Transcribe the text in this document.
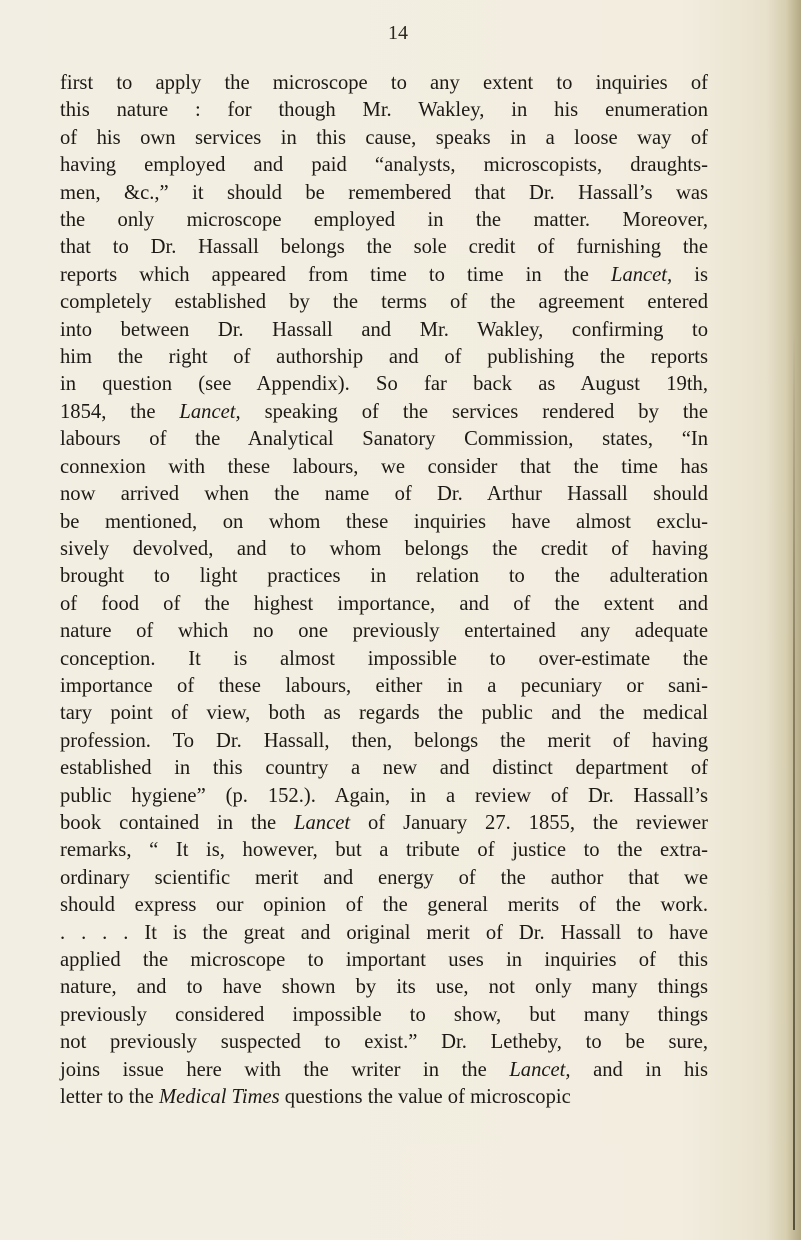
14
first to apply the microscope to any extent to inquiries of
this nature : for though Mr. Wakley, in his enumeration
of his own services in this cause, speaks in a loose way of
having employed and paid “analysts, microscopists, draughts-
men, &c.,” it should be remembered that Dr. Hassall’s was
the only microscope employed in the matter. Moreover,
that to Dr. Hassall belongs the sole credit of furnishing the
reports which appeared from time to time in the Lancet, is
completely established by the terms of the agreement entered
into between Dr. Hassall and Mr. Wakley, confirming to
him the right of authorship and of publishing the reports
in question (see Appendix). So far back as August 19th,
1854, the Lancet, speaking of the services rendered by the
labours of the Analytical Sanatory Commission, states, “In
connexion with these labours, we consider that the time has
now arrived when the name of Dr. Arthur Hassall should
be mentioned, on whom these inquiries have almost exclu-
sively devolved, and to whom belongs the credit of having
brought to light practices in relation to the adulteration
of food of the highest importance, and of the extent and
nature of which no one previously entertained any adequate
conception. It is almost impossible to over-estimate the
importance of these labours, either in a pecuniary or sani-
tary point of view, both as regards the public and the medical
profession. To Dr. Hassall, then, belongs the merit of having
established in this country a new and distinct department of
public hygiene” (p. 152.). Again, in a review of Dr. Hassall’s
book contained in the Lancet of January 27. 1855, the reviewer
remarks, “ It is, however, but a tribute of justice to the extra-
ordinary scientific merit and energy of the author that we
should express our opinion of the general merits of the work.
. . . . It is the great and original merit of Dr. Hassall to have
applied the microscope to important uses in inquiries of this
nature, and to have shown by its use, not only many things
previously considered impossible to show, but many things
not previously suspected to exist.” Dr. Letheby, to be sure,
joins issue here with the writer in the Lancet, and in his
letter to the Medical Times questions the value of microscopic
